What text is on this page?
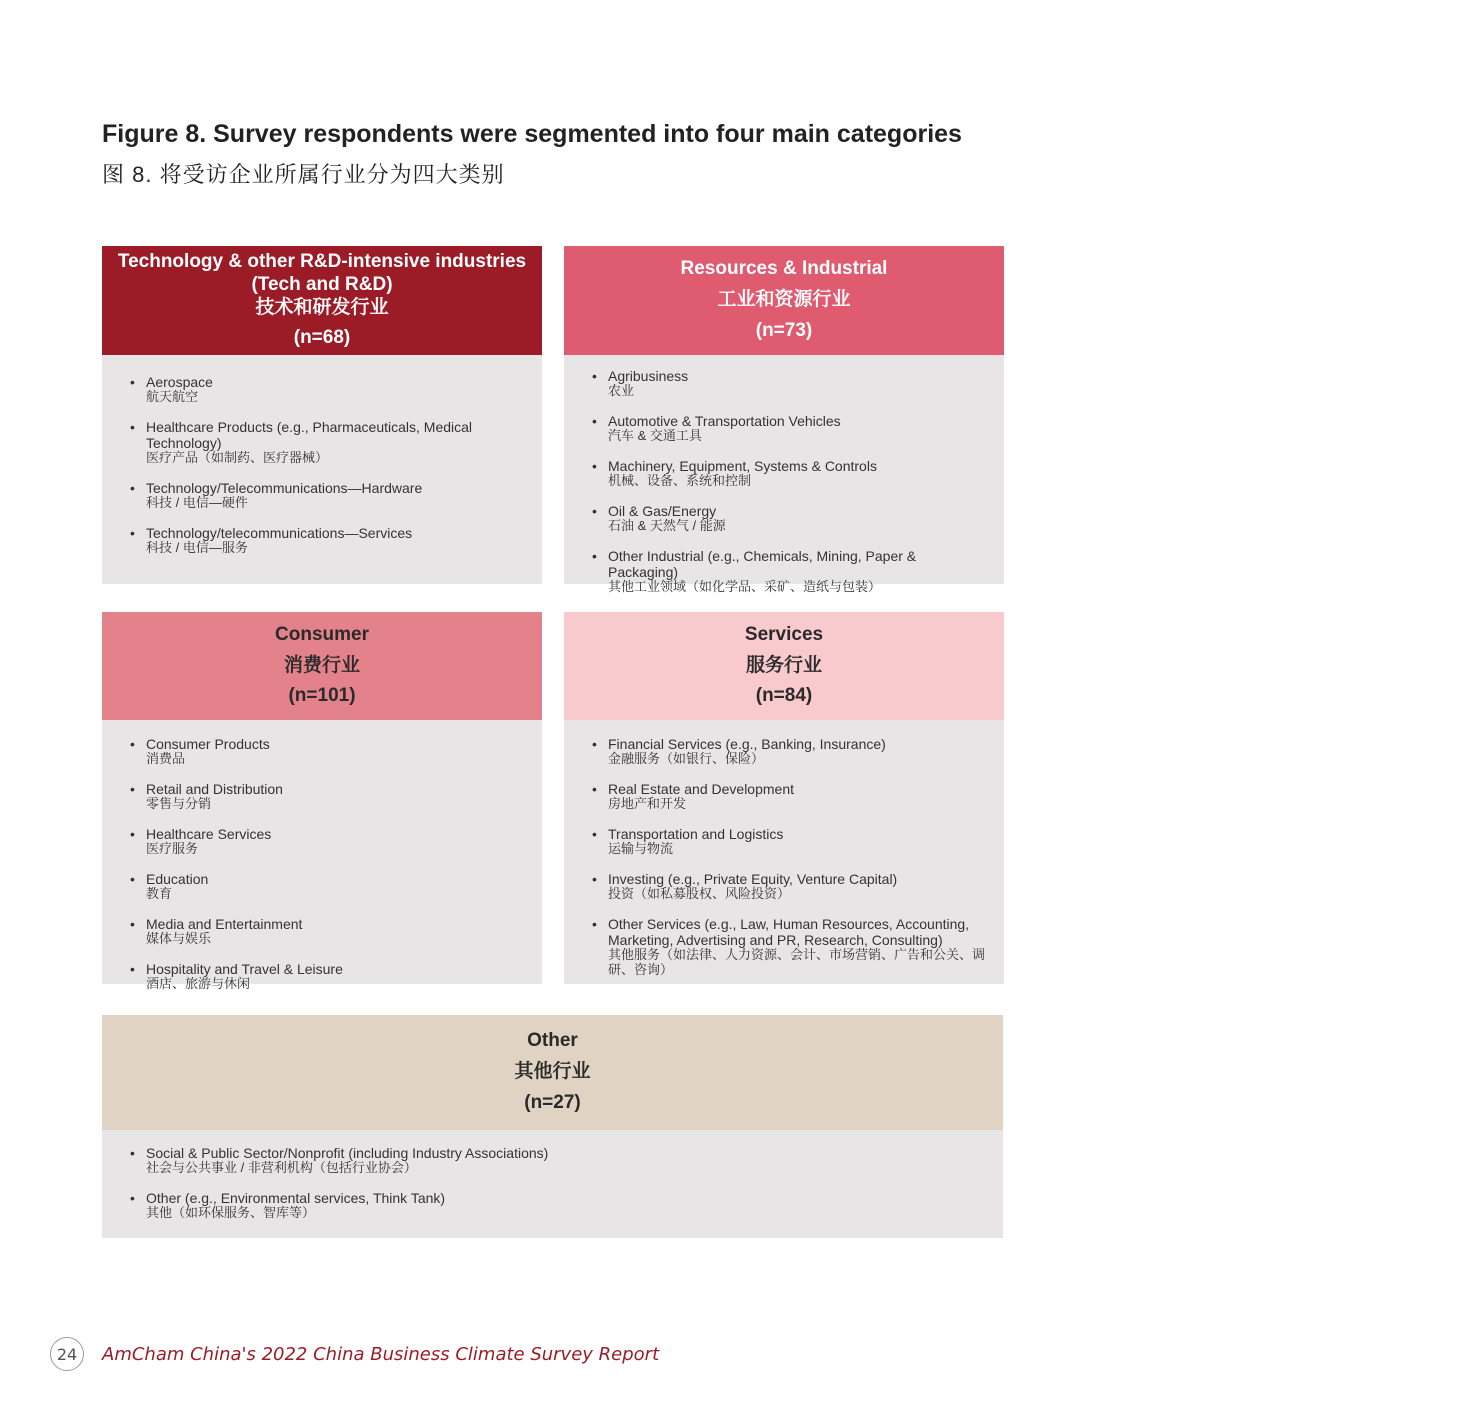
Figure 8. Survey respondents were segmented into four main categories
图 8. 将受访企业所属行业分为四大类别
Technology & other R&D-intensive industries
(Tech and R&D)
技术和研发行业
(n=68)
• Aerospace
航天航空
• Healthcare Products (e.g., Pharmaceuticals, Medical Technology)
医疗产品（如制药、医疗器械）
• Technology/Telecommunications—Hardware
科技 / 电信—硬件
• Technology/telecommunications—Services
科技 / 电信—服务
Resources & Industrial
工业和资源行业
(n=73)
• Agribusiness
农业
• Automotive & Transportation Vehicles
汽车 & 交通工具
• Machinery, Equipment, Systems & Controls
机械、设备、系统和控制
• Oil & Gas/Energy
石油 & 天然气 / 能源
• Other Industrial (e.g., Chemicals, Mining, Paper & Packaging)
其他工业领域（如化学品、采矿、造纸与包装）
Consumer
消费行业
(n=101)
• Consumer Products
消费品
• Retail and Distribution
零售与分销
• Healthcare Services
医疗服务
• Education
教育
• Media and Entertainment
媒体与娱乐
• Hospitality and Travel & Leisure
酒店、旅游与休闲
Services
服务行业
(n=84)
• Financial Services (e.g., Banking, Insurance)
金融服务（如银行、保险）
• Real Estate and Development
房地产和开发
• Transportation and Logistics
运输与物流
• Investing (e.g., Private Equity, Venture Capital)
投资（如私募股权、风险投资）
• Other Services (e.g., Law, Human Resources, Accounting, Marketing, Advertising and PR, Research, Consulting)
其他服务（如法律、人力资源、会计、市场营销、广告和公关、调研、咨询）
Other
其他行业
(n=27)
• Social & Public Sector/Nonprofit (including Industry Associations)
社会与公共事业 / 非营利机构（包括行业协会）
• Other (e.g., Environmental services, Think Tank)
其他（如环保服务、智库等）
24	AmCham China's 2022 China Business Climate Survey Report
